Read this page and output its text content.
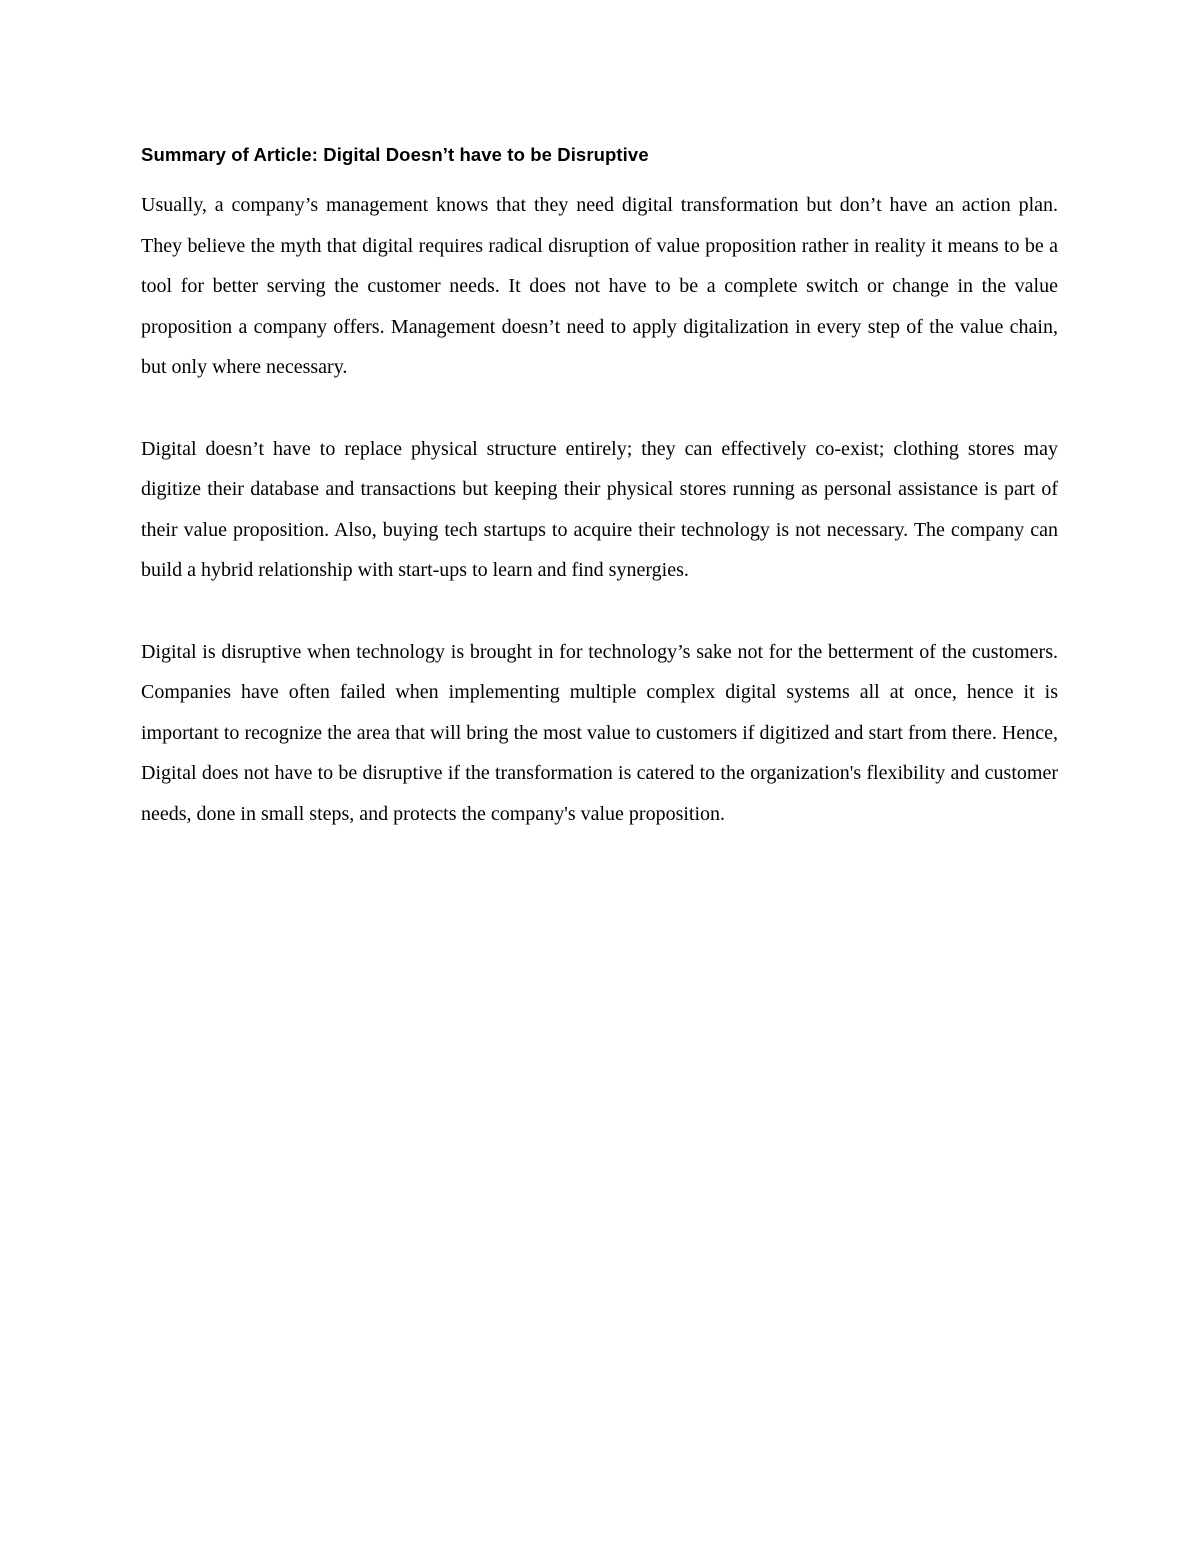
Summary of Article: Digital Doesn’t have to be Disruptive

Usually, a company’s management knows that they need digital transformation but don’t have an action plan. They believe the myth that digital requires radical disruption of value proposition rather in reality it means to be a tool for better serving the customer needs. It does not have to be a complete switch or change in the value proposition a company offers. Management doesn’t need to apply digitalization in every step of the value chain, but only where necessary.

Digital doesn’t have to replace physical structure entirely; they can effectively co-exist; clothing stores may digitize their database and transactions but keeping their physical stores running as personal assistance is part of their value proposition. Also, buying tech startups to acquire their technology is not necessary. The company can build a hybrid relationship with start-ups to learn and find synergies.

Digital is disruptive when technology is brought in for technology’s sake not for the betterment of the customers. Companies have often failed when implementing multiple complex digital systems all at once, hence it is important to recognize the area that will bring the most value to customers if digitized and start from there. Hence, Digital does not have to be disruptive if the transformation is catered to the organization's flexibility and customer needs, done in small steps, and protects the company's value proposition.
